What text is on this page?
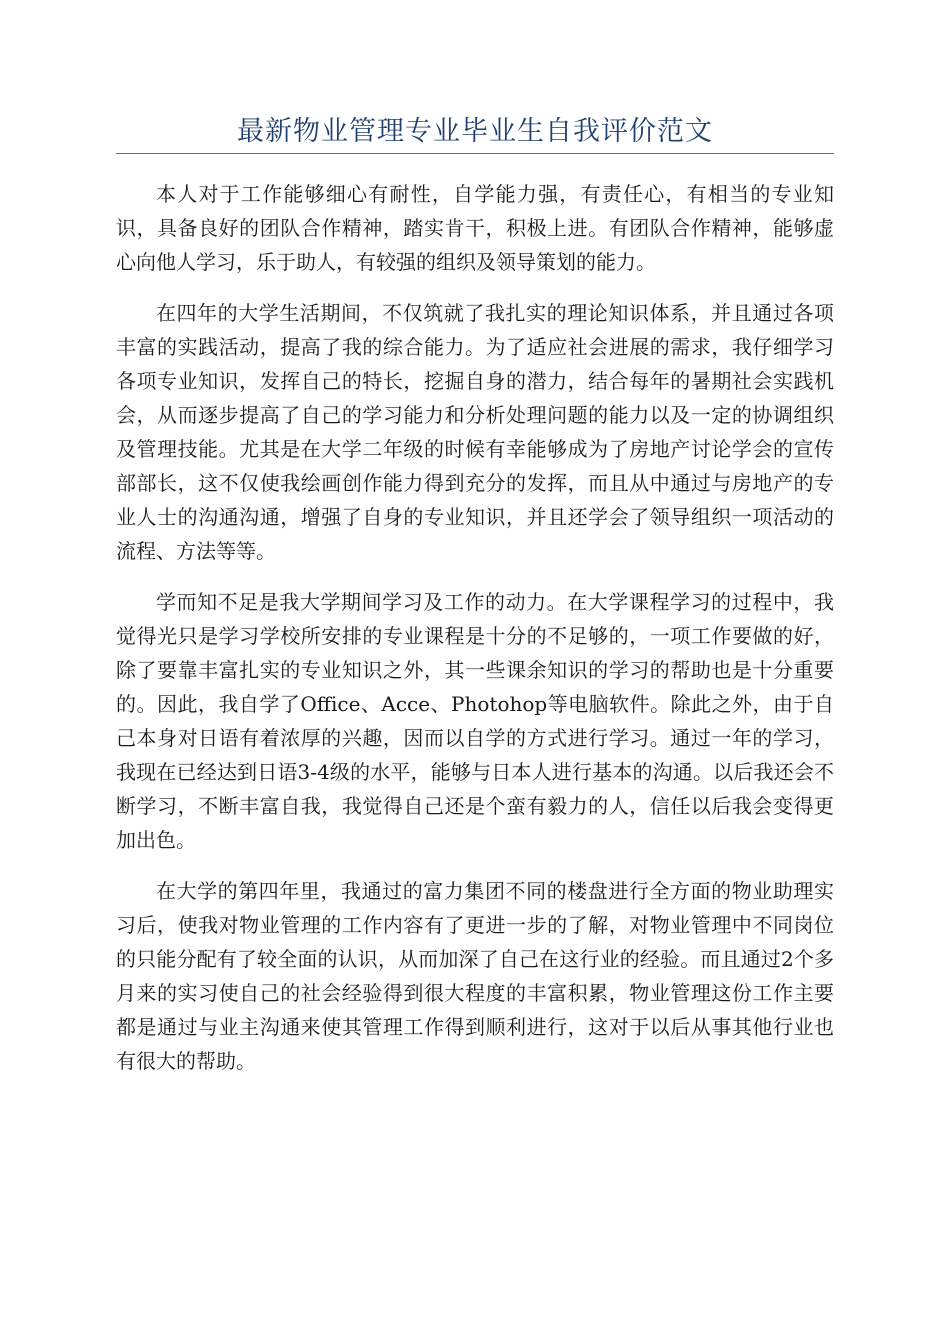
最新物业管理专业毕业生自我评价范文

本人对于工作能够细心有耐性，自学能力强，有责任心，有相当的专业知识，具备良好的团队合作精神，踏实肯干，积极上进。有团队合作精神，能够虚心向他人学习，乐于助人，有较强的组织及领导策划的能力。

在四年的大学生活期间，不仅筑就了我扎实的理论知识体系，并且通过各项丰富的实践活动，提高了我的综合能力。为了适应社会进展的需求，我仔细学习各项专业知识，发挥自己的特长，挖掘自身的潜力，结合每年的暑期社会实践机会，从而逐步提高了自己的学习能力和分析处理问题的能力以及一定的协调组织及管理技能。尤其是在大学二年级的时候有幸能够成为了房地产讨论学会的宣传部部长，这不仅使我绘画创作能力得到充分的发挥，而且从中通过与房地产的专业人士的沟通沟通，增强了自身的专业知识，并且还学会了领导组织一项活动的流程、方法等等。

学而知不足是我大学期间学习及工作的动力。在大学课程学习的过程中，我觉得光只是学习学校所安排的专业课程是十分的不足够的，一项工作要做的好，除了要靠丰富扎实的专业知识之外，其一些课余知识的学习的帮助也是十分重要的。因此，我自学了Office、Acce、Photohop等电脑软件。除此之外，由于自己本身对日语有着浓厚的兴趣，因而以自学的方式进行学习。通过一年的学习，我现在已经达到日语3-4级的水平，能够与日本人进行基本的沟通。以后我还会不断学习，不断丰富自我，我觉得自己还是个蛮有毅力的人，信任以后我会变得更加出色。

在大学的第四年里，我通过的富力集团不同的楼盘进行全方面的物业助理实习后，使我对物业管理的工作内容有了更进一步的了解，对物业管理中不同岗位的只能分配有了较全面的认识，从而加深了自己在这行业的经验。而且通过2个多月来的实习使自己的社会经验得到很大程度的丰富积累，物业管理这份工作主要都是通过与业主沟通来使其管理工作得到顺利进行，这对于以后从事其他行业也有很大的帮助。
